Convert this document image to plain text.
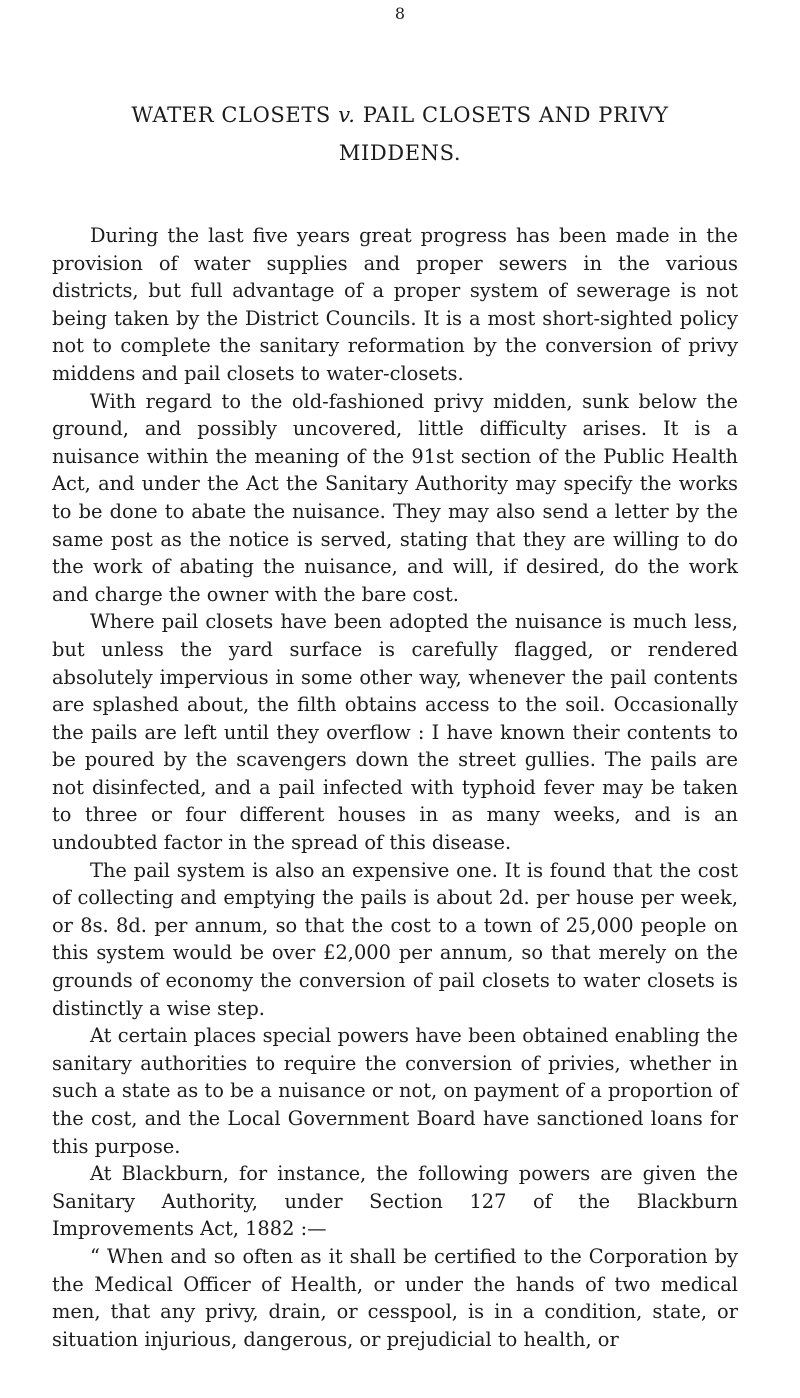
8
WATER CLOSETS v. PAIL CLOSETS AND PRIVY
MIDDENS.

During the last five years great progress has been made in the provision of water supplies and proper sewers in the various districts, but full advantage of a proper system of sewerage is not being taken by the District Councils. It is a most short-sighted policy not to complete the sanitary reformation by the conversion of privy middens and pail closets to water-closets.

With regard to the old-fashioned privy midden, sunk below the ground, and possibly uncovered, little difficulty arises. It is a nuisance within the meaning of the 91st section of the Public Health Act, and under the Act the Sanitary Authority may specify the works to be done to abate the nuisance. They may also send a letter by the same post as the notice is served, stating that they are willing to do the work of abating the nuisance, and will, if desired, do the work and charge the owner with the bare cost.

Where pail closets have been adopted the nuisance is much less, but unless the yard surface is carefully flagged, or rendered absolutely impervious in some other way, whenever the pail contents are splashed about, the filth obtains access to the soil. Occasionally the pails are left until they overflow : I have known their contents to be poured by the scavengers down the street gullies. The pails are not disinfected, and a pail infected with typhoid fever may be taken to three or four different houses in as many weeks, and is an undoubted factor in the spread of this disease.

The pail system is also an expensive one. It is found that the cost of collecting and emptying the pails is about 2d. per house per week, or 8s. 8d. per annum, so that the cost to a town of 25,000 people on this system would be over £2,000 per annum, so that merely on the grounds of economy the conversion of pail closets to water closets is distinctly a wise step.

At certain places special powers have been obtained enabling the sanitary authorities to require the conversion of privies, whether in such a state as to be a nuisance or not, on payment of a proportion of the cost, and the Local Government Board have sanctioned loans for this purpose.

At Blackburn, for instance, the following powers are given the Sanitary Authority, under Section 127 of the Blackburn Improvements Act, 1882 :—

“ When and so often as it shall be certified to the Corporation by the Medical Officer of Health, or under the hands of two medical men, that any privy, drain, or cesspool, is in a condition, state, or situation injurious, dangerous, or prejudicial to health, or
